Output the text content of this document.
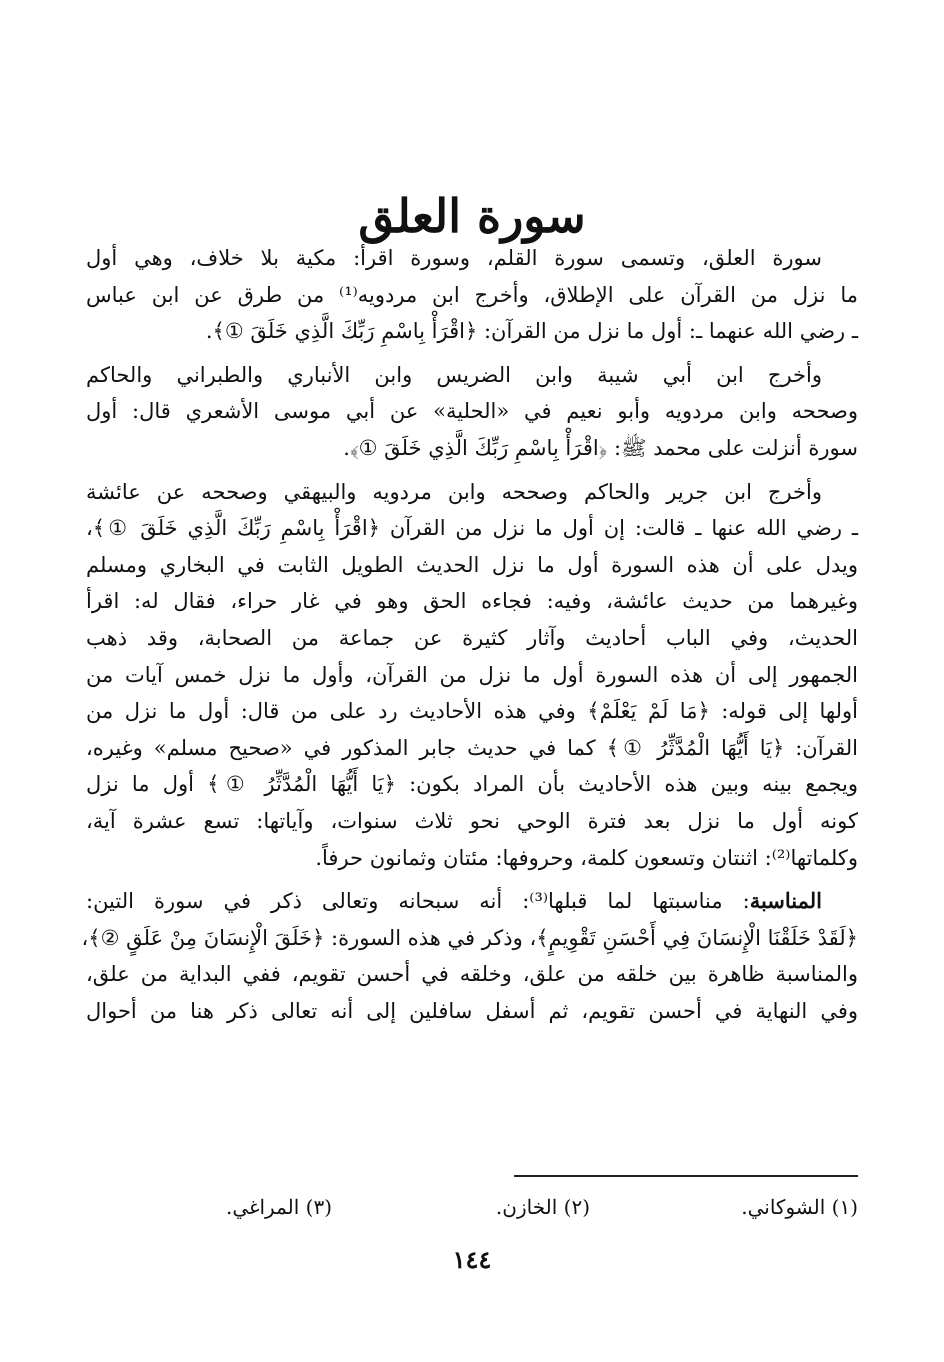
سورة العلق

سورة العلق، وتسمى سورة القلم، وسورة اقرأ: مكية بلا خلاف، وهي أول
ما نزل من القرآن على الإطلاق، وأخرج ابن مردويه⁽¹⁾ من طرق عن ابن عباس
ـ رضي الله عنهما ـ: أول ما نزل من القرآن: ﴿اقْرَأْ بِاسْمِ رَبِّكَ الَّذِي خَلَقَ ①﴾.

وأخرج ابن أبي شيبة وابن الضريس وابن الأنباري والطبراني والحاكم
وصححه وابن مردويه وأبو نعيم في «الحلية» عن أبي موسى الأشعري قال: أول
سورة أنزلت على محمد ﷺ: ﴿اقْرَأْ بِاسْمِ رَبِّكَ الَّذِي خَلَقَ ①﴾.

وأخرج ابن جرير والحاكم وصححه وابن مردويه والبيهقي وصححه عن عائشة
ـ رضي الله عنها ـ قالت: إن أول ما نزل من القرآن ﴿اقْرَأْ بِاسْمِ رَبِّكَ الَّذِي خَلَقَ ①﴾،
ويدل على أن هذه السورة أول ما نزل الحديث الطويل الثابت في البخاري ومسلم
وغيرهما من حديث عائشة، وفيه: فجاءه الحق وهو في غار حراء، فقال له: اقرأ
الحديث، وفي الباب أحاديث وآثار كثيرة عن جماعة من الصحابة، وقد ذهب
الجمهور إلى أن هذه السورة أول ما نزل من القرآن، وأول ما نزل خمس آيات من
أولها إلى قوله: ﴿مَا لَمْ يَعْلَمْ﴾ وفي هذه الأحاديث رد على من قال: أول ما نزل من
القرآن: ﴿يَا أَيُّهَا الْمُدَّثِّرُ ①﴾ كما في حديث جابر المذكور في «صحيح مسلم» وغيره،
ويجمع بينه وبين هذه الأحاديث بأن المراد بكون: ﴿يَا أَيُّهَا الْمُدَّثِّرُ ①﴾ أول ما نزل
كونه أول ما نزل بعد فترة الوحي نحو ثلاث سنوات، وآياتها: تسع عشرة آية،
وكلماتها⁽²⁾: اثنتان وتسعون كلمة، وحروفها: مئتان وثمانون حرفاً.

المناسبة: مناسبتها لما قبلها⁽³⁾: أنه سبحانه وتعالى ذكر في سورة التين:
﴿لَقَدْ خَلَقْنَا الْإِنسَانَ فِي أَحْسَنِ تَقْوِيمٍ﴾، وذكر في هذه السورة: ﴿خَلَقَ الْإِنسَانَ مِنْ عَلَقٍ ②﴾،
والمناسبة ظاهرة بين خلقه من علق، وخلقه في أحسن تقويم، ففي البداية من علق،
وفي النهاية في أحسن تقويم، ثم أسفل سافلين إلى أنه تعالى ذكر هنا من أحوال

(١) الشوكاني.
(٢) الخازن.
(٣) المراغي.
١٤٤
